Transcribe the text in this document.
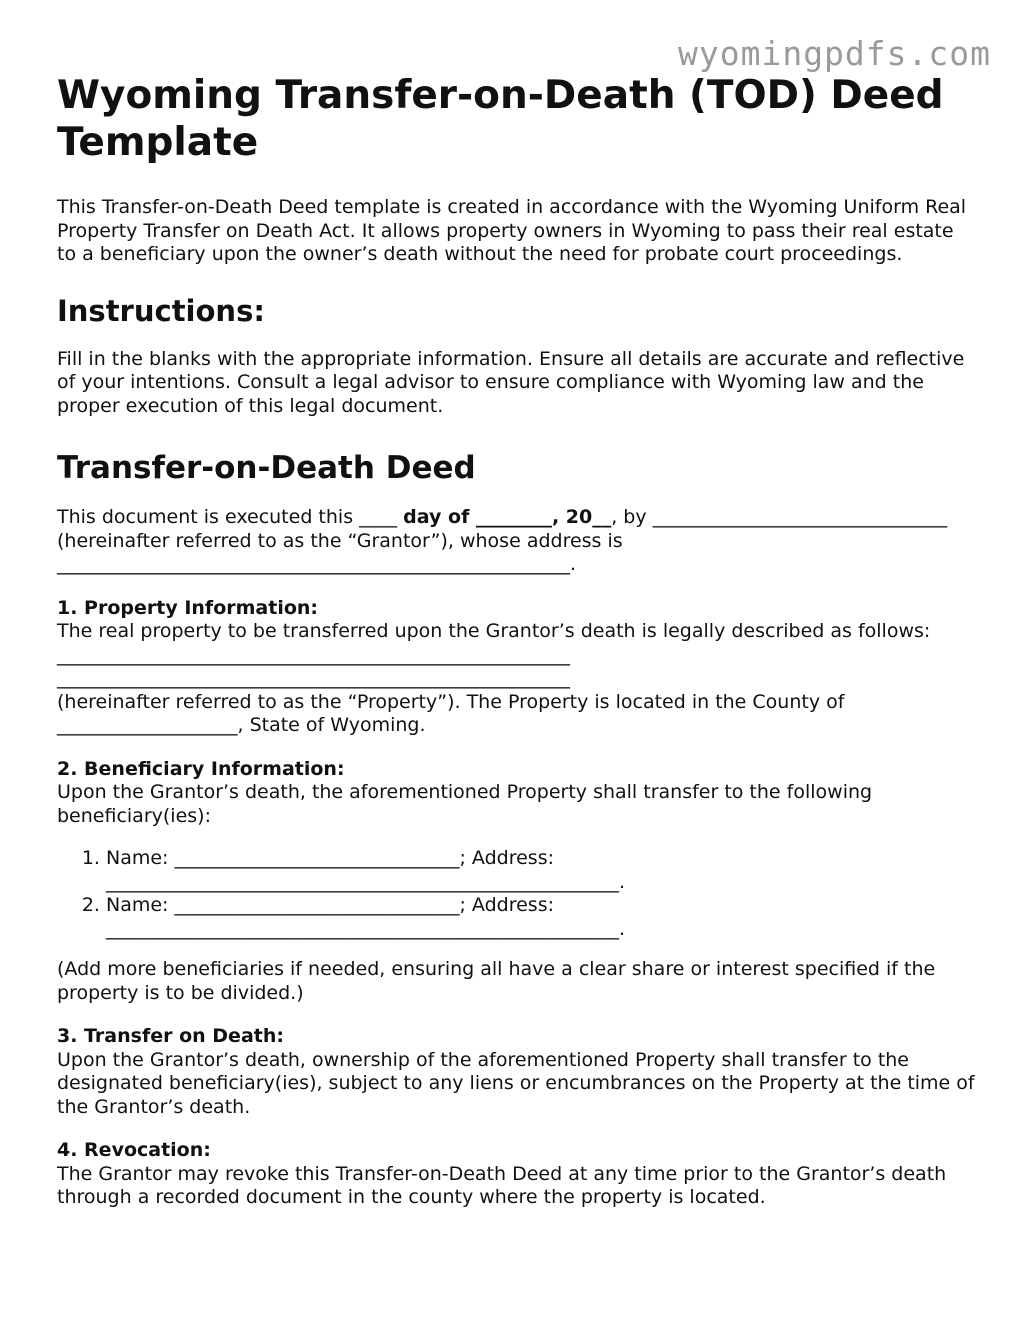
wyomingpdfs.com
Wyoming Transfer-on-Death (TOD) Deed Template

This Transfer-on-Death Deed template is created in accordance with the Wyoming Uniform Real Property Transfer on Death Act. It allows property owners in Wyoming to pass their real estate to a beneficiary upon the owner’s death without the need for probate court proceedings.

Instructions:

Fill in the blanks with the appropriate information. Ensure all details are accurate and reflective of your intentions. Consult a legal advisor to ensure compliance with Wyoming law and the proper execution of this legal document.

Transfer-on-Death Deed

This document is executed this ____ day of ________, 20__, by _______________________________ (hereinafter referred to as the “Grantor”), whose address is ______________________________________________________.

1. Property Information:

The real property to be transferred upon the Grantor’s death is legally described as follows:

______________________________________________________

______________________________________________________

(hereinafter referred to as the “Property”). The Property is located in the County of ___________________, State of Wyoming.

2. Beneficiary Information:

Upon the Grantor’s death, the aforementioned Property shall transfer to the following beneficiary(ies):

1. Name: ______________________________; Address: ______________________________________________________.
2. Name: ______________________________; Address: ______________________________________________________.

(Add more beneficiaries if needed, ensuring all have a clear share or interest specified if the property is to be divided.)

3. Transfer on Death:

Upon the Grantor’s death, ownership of the aforementioned Property shall transfer to the designated beneficiary(ies), subject to any liens or encumbrances on the Property at the time of the Grantor’s death.

4. Revocation:

The Grantor may revoke this Transfer-on-Death Deed at any time prior to the Grantor’s death through a recorded document in the county where the property is located.
